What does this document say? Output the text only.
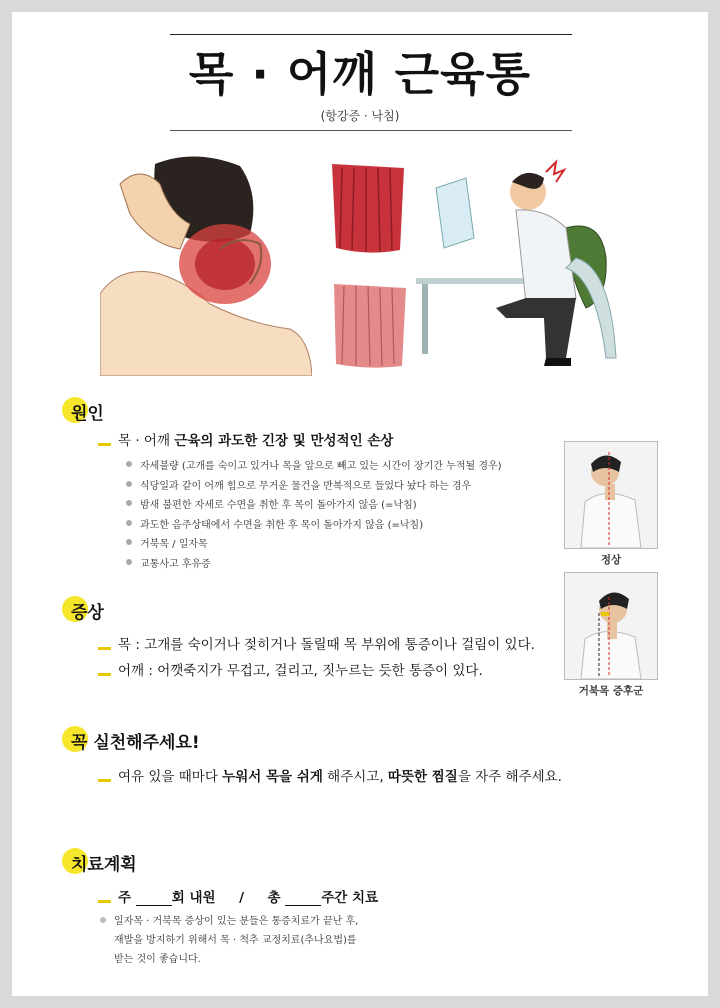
목 · 어깨 근육통
(항강증 · 낙침)
원인
목 · 어깨 근육의 과도한 긴장 및 만성적인 손상
자세불량 (고개를 숙이고 있거나 목을 앞으로 빼고 있는 시간이 장기간 누적될 경우)
식당일과 같이 어깨 힘으로 무거운 물건을 반복적으로 들었다 놨다 하는 경우
밤새 불편한 자세로 수면을 취한 후 목이 돌아가지 않음 (=낙침)
과도한 음주상태에서 수면을 취한 후 목이 돌아가지 않음 (=낙침)
거북목 / 일자목
교통사고 후유증	정상
거북목 증후군
증상
목 : 고개를 숙이거나 젖히거나 돌릴때 목 부위에 통증이나 걸림이 있다.
어깨 : 어깻죽지가 무겁고, 걸리고, 짓누르는 듯한 통증이 있다.
꼭 실천해주세요!
여유 있을 때마다 누워서 목을 쉬게 해주시고, 따뜻한 찜질을 자주 해주세요.
치료계획
주	회 내원 / 총	주간 치료
일자목 · 거북목 증상이 있는 분들은 통증치료가 끝난 후,
재발을 방지하기 위해서 목 · 척추 교정치료(추나요법)를
받는 것이 좋습니다.
